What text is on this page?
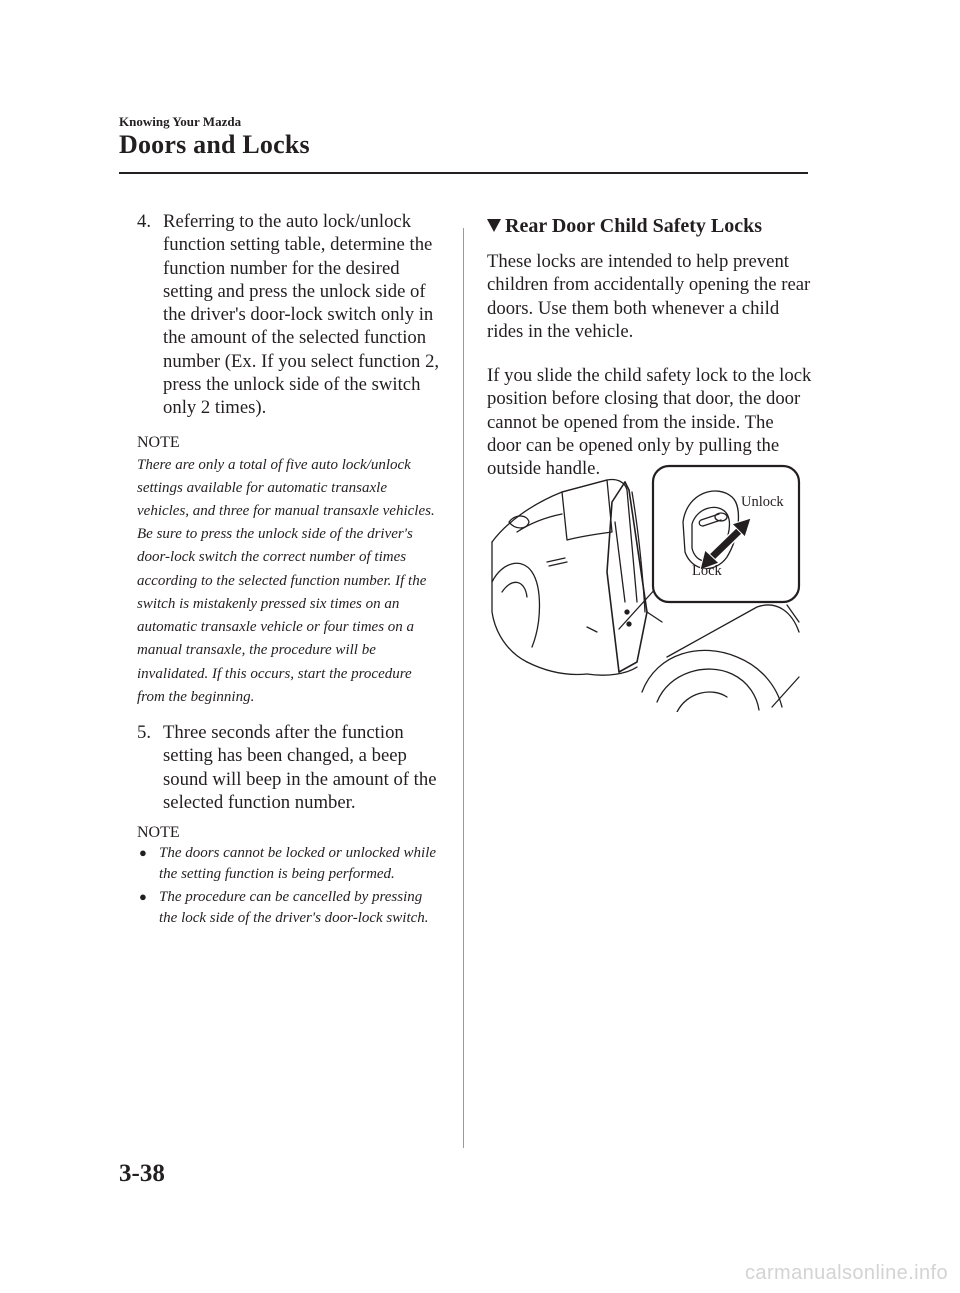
Knowing Your Mazda
Doors and Locks

4. Referring to the auto lock/unlock function setting table, determine the function number for the desired setting and press the unlock side of the driver's door-lock switch only in the amount of the selected function number (Ex. If you select function 2, press the unlock side of the switch only 2 times).

NOTE
There are only a total of five auto lock/unlock settings available for automatic transaxle vehicles, and three for manual transaxle vehicles. Be sure to press the unlock side of the driver's door-lock switch the correct number of times according to the selected function number. If the switch is mistakenly pressed six times on an automatic transaxle vehicle or four times on a manual transaxle, the procedure will be invalidated. If this occurs, start the procedure from the beginning.

5. Three seconds after the function setting has been changed, a beep sound will beep in the amount of the selected function number.

NOTE
● The doors cannot be locked or unlocked while the setting function is being performed.
● The procedure can be cancelled by pressing the lock side of the driver's door-lock switch.
Rear Door Child Safety Locks

These locks are intended to help prevent children from accidentally opening the rear doors. Use them both whenever a child rides in the vehicle.

If you slide the child safety lock to the lock position before closing that door, the door cannot be opened from the inside. The door can be opened only by pulling the outside handle.

Unlock
Lock
3-38
carmanualsonline.info
